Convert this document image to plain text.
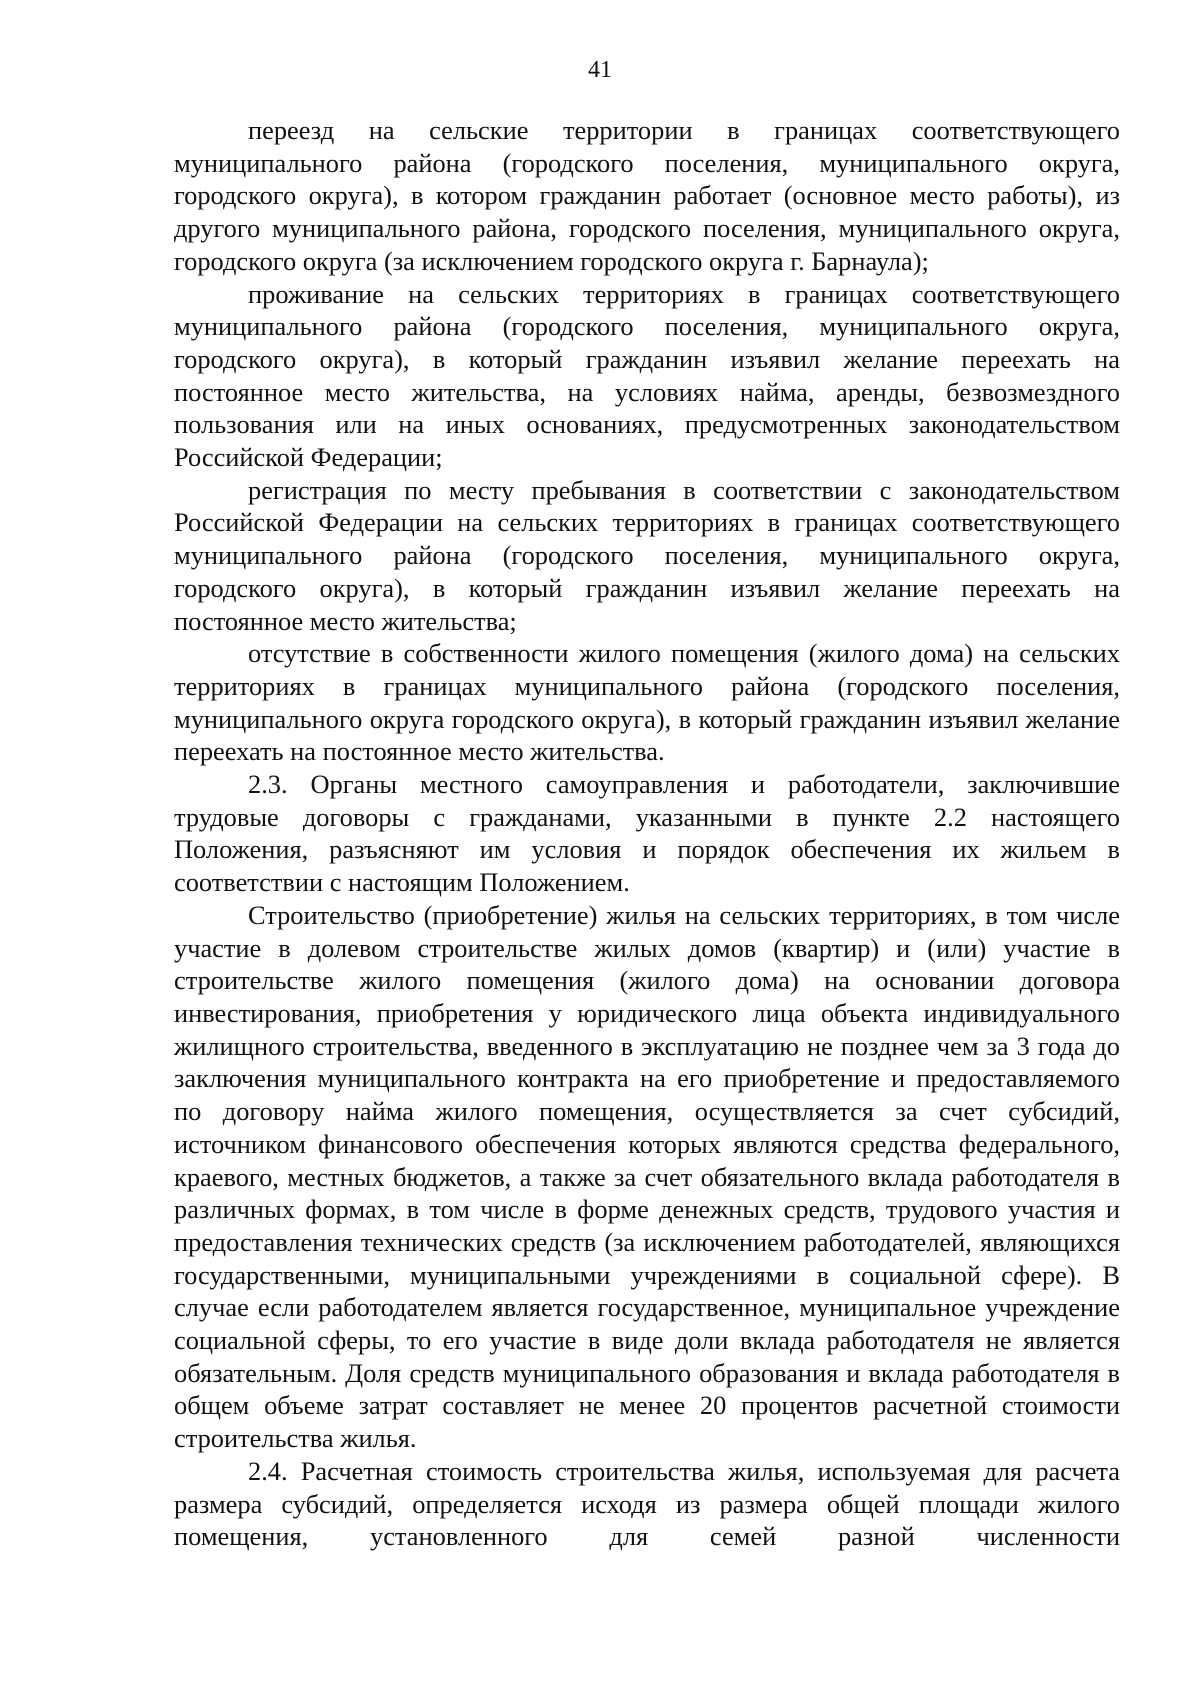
41

переезд на сельские территории в границах соответствующего муниципального района (городского поселения, муниципального округа, городского округа), в котором гражданин работает (основное место работы), из другого муниципального района, городского поселения, муниципального округа, городского округа (за исключением городского округа г. Барнаула);

проживание на сельских территориях в границах соответствующего муниципального района (городского поселения, муниципального округа, городского округа), в который гражданин изъявил желание переехать на постоянное место жительства, на условиях найма, аренды, безвозмездного пользования или на иных основаниях, предусмотренных законодательством Российской Федерации;

регистрация по месту пребывания в соответствии с законодательством Российской Федерации на сельских территориях в границах соответствующего муниципального района (городского поселения, муниципального округа, городского округа), в который гражданин изъявил желание переехать на постоянное место жительства;

отсутствие в собственности жилого помещения (жилого дома) на сельских территориях в границах муниципального района (городского поселения, муниципального округа городского округа), в который гражданин изъявил желание переехать на постоянное место жительства.

2.3. Органы местного самоуправления и работодатели, заключившие трудовые договоры с гражданами, указанными в пункте 2.2 настоящего Положения, разъясняют им условия и порядок обеспечения их жильем в соответствии с настоящим Положением.

Строительство (приобретение) жилья на сельских территориях, в том числе участие в долевом строительстве жилых домов (квартир) и (или) участие в строительстве жилого помещения (жилого дома) на основании договора инвестирования, приобретения у юридического лица объекта индивидуального жилищного строительства, введенного в эксплуатацию не позднее чем за 3 года до заключения муниципального контракта на его приобретение и предоставляемого по договору найма жилого помещения, осуществляется за счет субсидий, источником финансового обеспечения которых являются средства федерального, краевого, местных бюджетов, а также за счет обязательного вклада работодателя в различных формах, в том числе в форме денежных средств, трудового участия и предоставления технических средств (за исключением работодателей, являющихся государственными, муниципальными учреждениями в социальной сфере). В случае если работодателем является государственное, муниципальное учреждение социальной сферы, то его участие в виде доли вклада работодателя не является обязательным. Доля средств муниципального образования и вклада работодателя в общем объеме затрат составляет не менее 20 процентов расчетной стоимости строительства жилья.

2.4. Расчетная стоимость строительства жилья, используемая для расчета размера субсидий, определяется исходя из размера общей площади жилого помещения, установленного для семей разной численности
